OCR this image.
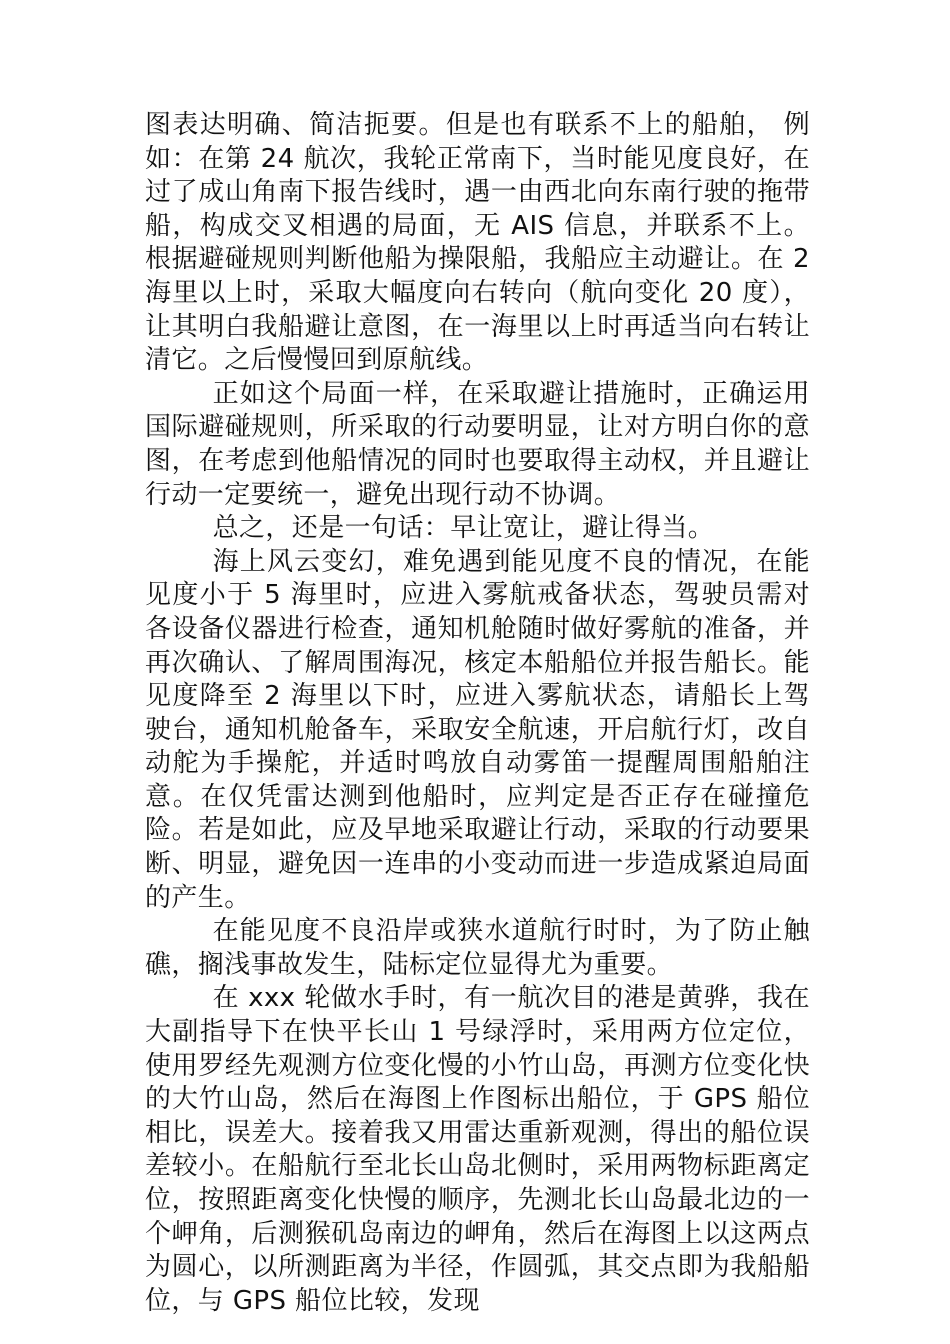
图表达明确、简洁扼要。但是也有联系不上的船舶， 例如：在第 24 航次，我轮正常南下，当时能见度良好，在过了成山角南下报告线时，遇一由西北向东南行驶的拖带船，构成交叉相遇的局面，无 AIS 信息，并联系不上。根据避碰规则判断他船为操限船，我船应主动避让。在 2 海里以上时，采取大幅度向右转向（航向变化 20 度），让其明白我船避让意图，在一海里以上时再适当向右转让清它。之后慢慢回到原航线。

正如这个局面一样，在采取避让措施时，正确运用国际避碰规则，所采取的行动要明显，让对方明白你的意图，在考虑到他船情况的同时也要取得主动权，并且避让行动一定要统一，避免出现行动不协调。

总之，还是一句话：早让宽让，避让得当。

海上风云变幻，难免遇到能见度不良的情况，在能见度小于 5 海里时，应进入雾航戒备状态，驾驶员需对各设备仪器进行检查，通知机舱随时做好雾航的准备，并再次确认、了解周围海况，核定本船船位并报告船长。能见度降至 2 海里以下时，应进入雾航状态，请船长上驾驶台，通知机舱备车，采取安全航速，开启航行灯，改自动舵为手操舵，并适时鸣放自动雾笛一提醒周围船舶注意。在仅凭雷达测到他船时，应判定是否正存在碰撞危险。若是如此，应及早地采取避让行动，采取的行动要果断、明显，避免因一连串的小变动而进一步造成紧迫局面的产生。

在能见度不良沿岸或狭水道航行时时，为了防止触礁，搁浅事故发生，陆标定位显得尤为重要。

在 xxx 轮做水手时，有一航次目的港是黄骅，我在大副指导下在快平长山 1 号绿浮时，采用两方位定位，使用罗经先观测方位变化慢的小竹山岛，再测方位变化快的大竹山岛，然后在海图上作图标出船位，于 GPS 船位相比，误差大。接着我又用雷达重新观测，得出的船位误差较小。在船航行至北长山岛北侧时，采用两物标距离定位，按照距离变化快慢的顺序，先测北长山岛最北边的一个岬角，后测猴矶岛南边的岬角，然后在海图上以这两点为圆心，以所测距离为半径，作圆弧，其交点即为我船船位，与 GPS 船位比较，发现
